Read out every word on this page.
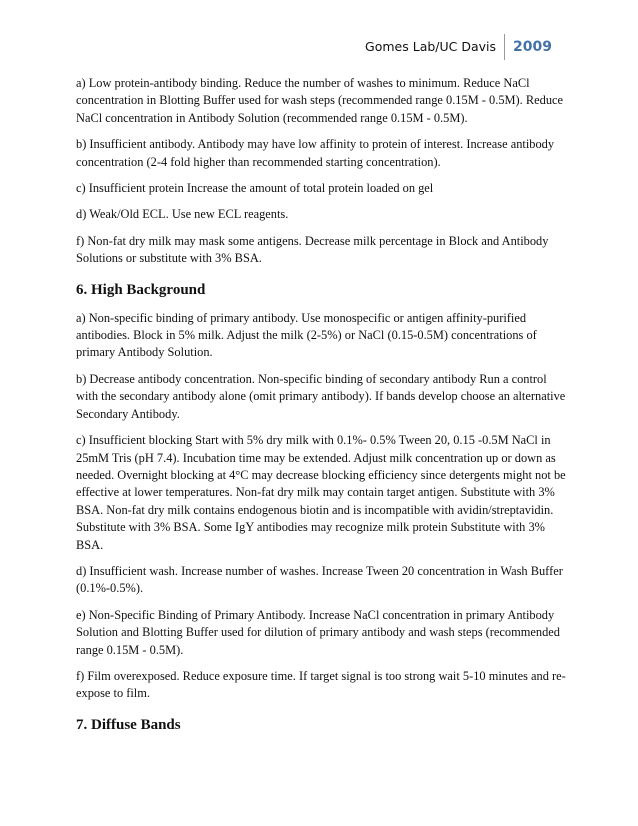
Gomes Lab/UC Davis	2009

a) Low protein-antibody binding. Reduce the number of washes to minimum. Reduce NaCl concentration in Blotting Buffer used for wash steps (recommended range 0.15M - 0.5M). Reduce NaCl concentration in Antibody Solution (recommended range 0.15M - 0.5M).

b) Insufficient antibody. Antibody may have low affinity to protein of interest. Increase antibody concentration (2-4 fold higher than recommended starting concentration).

c) Insufficient protein Increase the amount of total protein loaded on gel

d) Weak/Old ECL. Use new ECL reagents.

f) Non-fat dry milk may mask some antigens. Decrease milk percentage in Block and Antibody Solutions or substitute with 3% BSA.

6. High Background

a) Non-specific binding of primary antibody. Use monospecific or antigen affinity-purified antibodies. Block in 5% milk. Adjust the milk (2-5%) or NaCl (0.15-0.5M) concentrations of primary Antibody Solution.

b) Decrease antibody concentration. Non-specific binding of secondary antibody Run a control with the secondary antibody alone (omit primary antibody). If bands develop choose an alternative Secondary Antibody.

c) Insufficient blocking Start with 5% dry milk with 0.1%- 0.5% Tween 20, 0.15 -0.5M NaCl in 25mM Tris (pH 7.4). Incubation time may be extended. Adjust milk concentration up or down as needed. Overnight blocking at 4°C may decrease blocking efficiency since detergents might not be effective at lower temperatures. Non-fat dry milk may contain target antigen. Substitute with 3% BSA. Non-fat dry milk contains endogenous biotin and is incompatible with avidin/streptavidin. Substitute with 3% BSA. Some IgY antibodies may recognize milk protein Substitute with 3% BSA.

d) Insufficient wash. Increase number of washes. Increase Tween 20 concentration in Wash Buffer (0.1%-0.5%).

e) Non-Specific Binding of Primary Antibody. Increase NaCl concentration in primary Antibody Solution and Blotting Buffer used for dilution of primary antibody and wash steps (recommended range 0.15M - 0.5M).

f) Film overexposed. Reduce exposure time. If target signal is too strong wait 5-10 minutes and re-expose to film.

7. Diffuse Bands
